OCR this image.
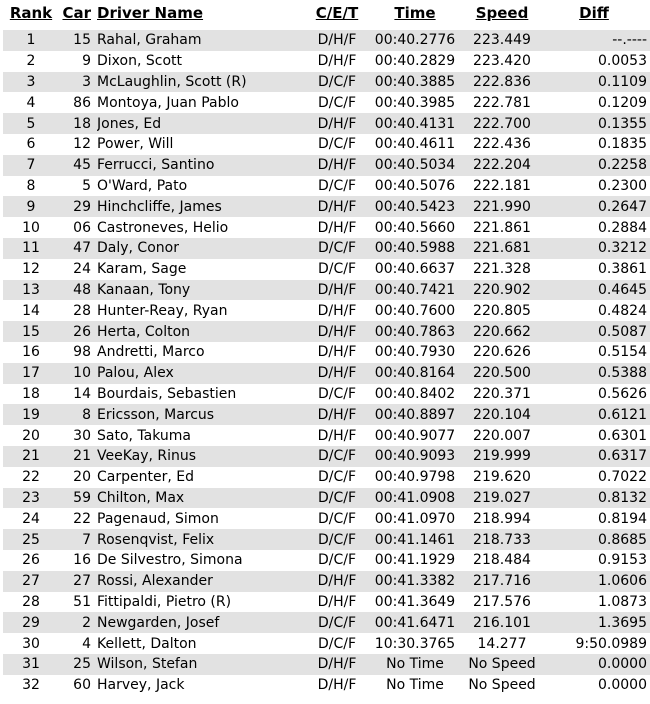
Rank	Car	Driver Name	C/E/T	Time	Speed	Diff
1	15	Rahal, Graham	D/H/F	00:40.2776	223.449	--.----
2	9	Dixon, Scott	D/H/F	00:40.2829	223.420	0.0053
3	3	McLaughlin, Scott (R)	D/C/F	00:40.3885	222.836	0.1109
4	86	Montoya, Juan Pablo	D/C/F	00:40.3985	222.781	0.1209
5	18	Jones, Ed	D/H/F	00:40.4131	222.700	0.1355
6	12	Power, Will	D/C/F	00:40.4611	222.436	0.1835
7	45	Ferrucci, Santino	D/H/F	00:40.5034	222.204	0.2258
8	5	O'Ward, Pato	D/C/F	00:40.5076	222.181	0.2300
9	29	Hinchcliffe, James	D/H/F	00:40.5423	221.990	0.2647
10	06	Castroneves, Helio	D/H/F	00:40.5660	221.861	0.2884
11	47	Daly, Conor	D/C/F	00:40.5988	221.681	0.3212
12	24	Karam, Sage	D/C/F	00:40.6637	221.328	0.3861
13	48	Kanaan, Tony	D/H/F	00:40.7421	220.902	0.4645
14	28	Hunter-Reay, Ryan	D/H/F	00:40.7600	220.805	0.4824
15	26	Herta, Colton	D/H/F	00:40.7863	220.662	0.5087
16	98	Andretti, Marco	D/H/F	00:40.7930	220.626	0.5154
17	10	Palou, Alex	D/H/F	00:40.8164	220.500	0.5388
18	14	Bourdais, Sebastien	D/C/F	00:40.8402	220.371	0.5626
19	8	Ericsson, Marcus	D/H/F	00:40.8897	220.104	0.6121
20	30	Sato, Takuma	D/H/F	00:40.9077	220.007	0.6301
21	21	VeeKay, Rinus	D/C/F	00:40.9093	219.999	0.6317
22	20	Carpenter, Ed	D/C/F	00:40.9798	219.620	0.7022
23	59	Chilton, Max	D/C/F	00:41.0908	219.027	0.8132
24	22	Pagenaud, Simon	D/C/F	00:41.0970	218.994	0.8194
25	7	Rosenqvist, Felix	D/C/F	00:41.1461	218.733	0.8685
26	16	De Silvestro, Simona	D/C/F	00:41.1929	218.484	0.9153
27	27	Rossi, Alexander	D/H/F	00:41.3382	217.716	1.0606
28	51	Fittipaldi, Pietro (R)	D/H/F	00:41.3649	217.576	1.0873
29	2	Newgarden, Josef	D/C/F	00:41.6471	216.101	1.3695
30	4	Kellett, Dalton	D/C/F	10:30.3765	14.277	9:50.0989
31	25	Wilson, Stefan	D/H/F	No Time	No Speed	0.0000
32	60	Harvey, Jack	D/H/F	No Time	No Speed	0.0000
